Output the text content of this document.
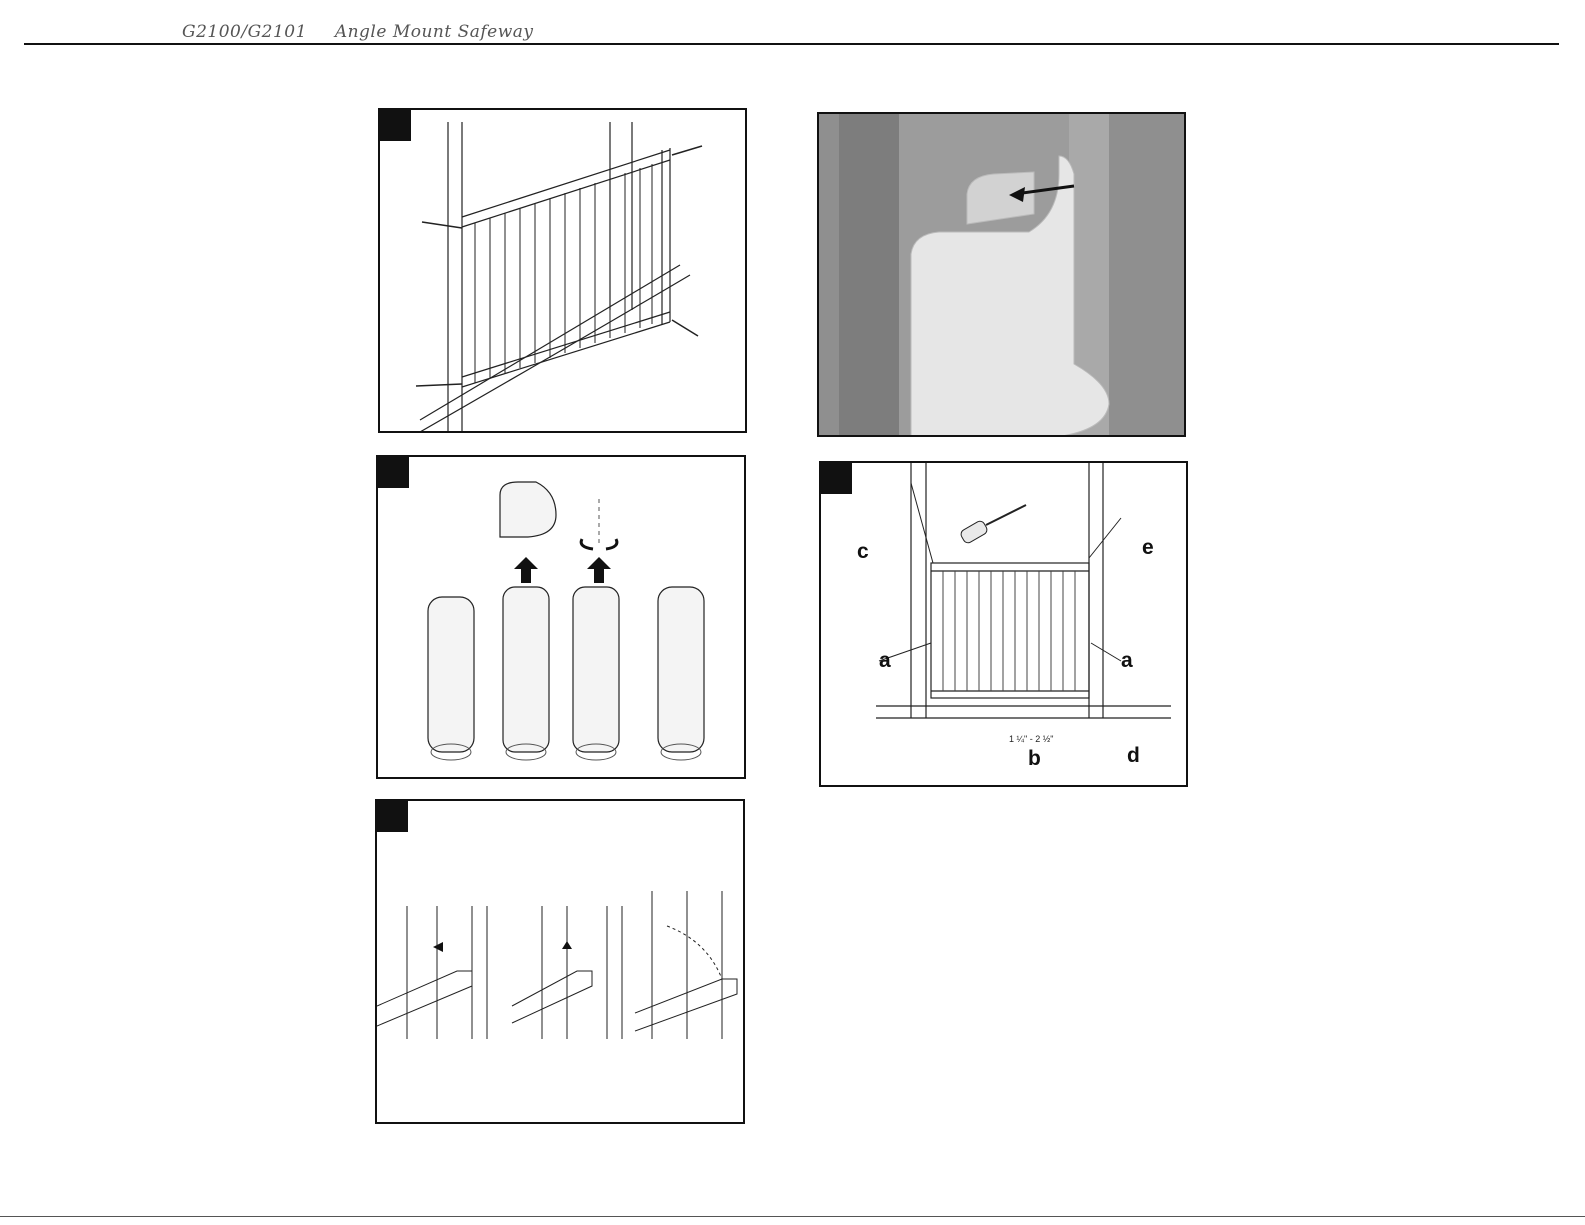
G2100/G2101 Angle Mount Safeway
c	e
a	a
1 ¼" - 2 ½"
b	d
